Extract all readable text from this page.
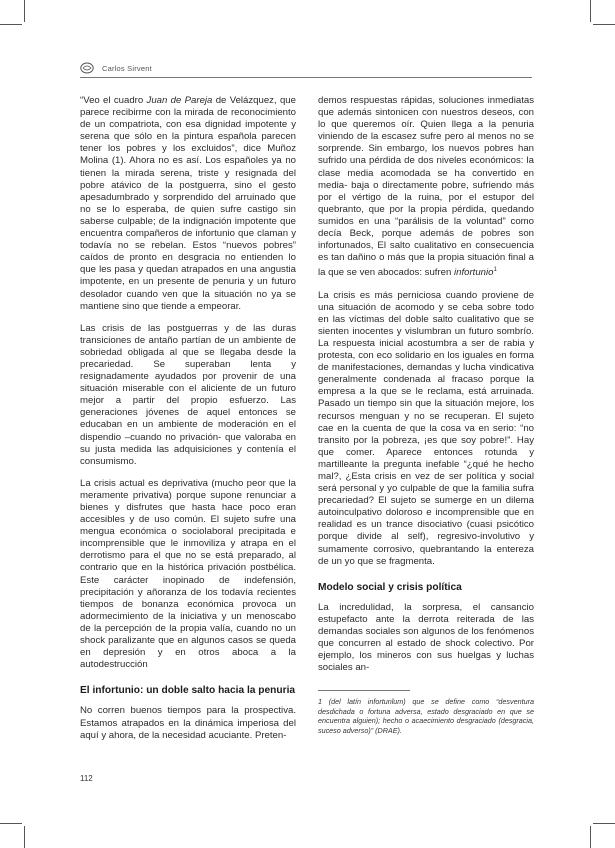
Carlos Sirvent

“Veo el cuadro Juan de Pareja de Velázquez, que parece recibirme con la mirada de reconocimiento de un compatriota, con esa dignidad impotente y serena que sólo en la pintura española parecen tener los pobres y los excluidos”, dice Muñoz Molina (1). Ahora no es así. Los españoles ya no tienen la mirada serena, triste y resignada del pobre atávico de la postguerra, sino el gesto apesadumbrado y sorprendido del arruinado que no se lo esperaba, de quien sufre castigo sin saberse culpable; de la indignación impotente que encuentra compañeros de infortunio que claman y todavía no se rebelan. Estos “nuevos pobres” caídos de pronto en desgracia no entienden lo que les pasa y quedan atrapados en una angustia impotente, en un presente de penuria y un futuro desolador cuando ven que la situación no ya se mantiene sino que tiende a empeorar.

Las crisis de las postguerras y de las duras transiciones de antaño partían de un ambiente de sobriedad obligada al que se llegaba desde la precariedad. Se superaban lenta y resignadamente ayudados por provenir de una situación miserable con el aliciente de un futuro mejor a partir del propio esfuerzo. Las generaciones jóvenes de aquel entonces se educaban en un ambiente de moderación en el dispendio –cuando no privación- que valoraba en su justa medida las adquisiciones y contenía el consumismo.

La crisis actual es deprivativa (mucho peor que la meramente privativa) porque supone renunciar a bienes y disfrutes que hasta hace poco eran accesibles y de uso común. El sujeto sufre una mengua económica o sociolaboral precipitada e incomprensible que le inmoviliza y atrapa en el derrotismo para el que no se está preparado, al contrario que en la histórica privación postbélica. Este carácter inopinado de indefensión, precipitación y añoranza de los todavía recientes tiempos de bonanza económica provoca un adormecimiento de la iniciativa y un menoscabo de la percepción de la propia valía, cuando no un shock paralizante que en algunos casos se queda en depresión y en otros aboca a la autodestrucción

El infortunio: un doble salto hacia la penuria

No corren buenos tiempos para la prospectiva. Estamos atrapados en la dinámica imperiosa del aquí y ahora, de la necesidad acuciante. Preten-

demos respuestas rápidas, soluciones inmediatas que además sintonicen con nuestros deseos, con lo que queremos oír. Quien llega a la penuria viniendo de la escasez sufre pero al menos no se sorprende. Sin embargo, los nuevos pobres han sufrido una pérdida de dos niveles económicos: la clase media acomodada se ha convertido en media- baja o directamente pobre, sufriendo más por el vértigo de la ruina, por el estupor del quebranto, que por la propia pérdida, quedando sumidos en una “parálisis de la voluntad” como decía Beck, porque además de pobres son infortunados, El salto cualitativo en consecuencia es tan dañino o más que la propia situación final a la que se ven abocados: sufren infortunio$^1$

La crisis es más perniciosa cuando proviene de una situación de acomodo y se ceba sobre todo en las víctimas del doble salto cualitativo que se sienten inocentes y vislumbran un futuro sombrío. La respuesta inicial acostumbra a ser de rabia y protesta, con eco solidario en los iguales en forma de manifestaciones, demandas y lucha vindicativa generalmente condenada al fracaso porque la empresa a la que se le reclama, está arruinada. Pasado un tiempo sin que la situación mejore, los recursos menguan y no se recuperan. El sujeto cae en la cuenta de que la cosa va en serio: “no transito por la pobreza, ¡es que soy pobre!”. Hay que comer. Aparece entonces rotunda y martilleante la pregunta inefable “¿qué he hecho mal?, ¿Esta crisis en vez de ser política y social será personal y yo culpable de que la familia sufra precariedad? El sujeto se sumerge en un dilema autoinculpativo doloroso e incomprensible que en realidad es un trance disociativo (cuasi psicótico porque divide al self), regresivo-involutivo y sumamente corrosivo, quebrantando la entereza de un yo que se fragmenta.

Modelo social y crisis política

La incredulidad, la sorpresa, el cansancio estupefacto ante la derrota reiterada de las demandas sociales son algunos de los fenómenos que concurren al estado de shock colectivo. Por ejemplo, los mineros con sus huelgas y luchas sociales an-

1 (del latín infortunĭum) que se define como “desventura desdichada o fortuna adversa, estado desgraciado en que se encuentra alguien); hecho o acaecimiento desgraciado (desgracia, suceso adverso)” (DRAE).
112
